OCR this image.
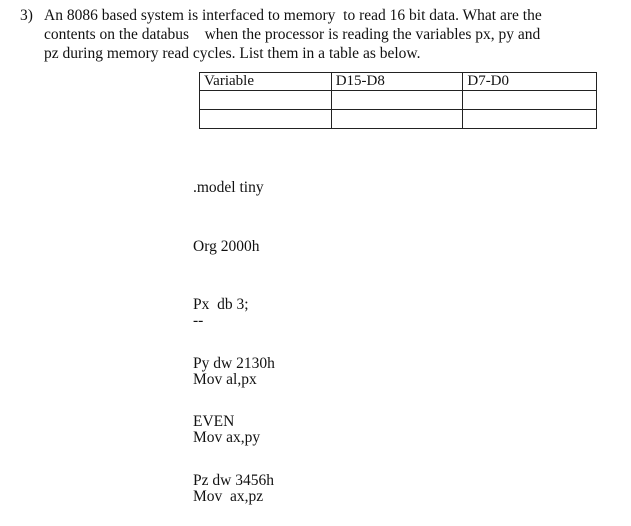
3) An 8086 based system is interfaced to memory  to read 16 bit data. What are the
contents on the databus    when the processor is reading the variables px, py and
pz during memory read cycles. List them in a table as below.
Variable	D15-D8	D7-D0

.model tiny

Org 2000h

Px  db 3;

Py dw 2130h

EVEN

Pz dw 3456h

--

Mov al,px

Mov ax,py

Mov  ax,pz
